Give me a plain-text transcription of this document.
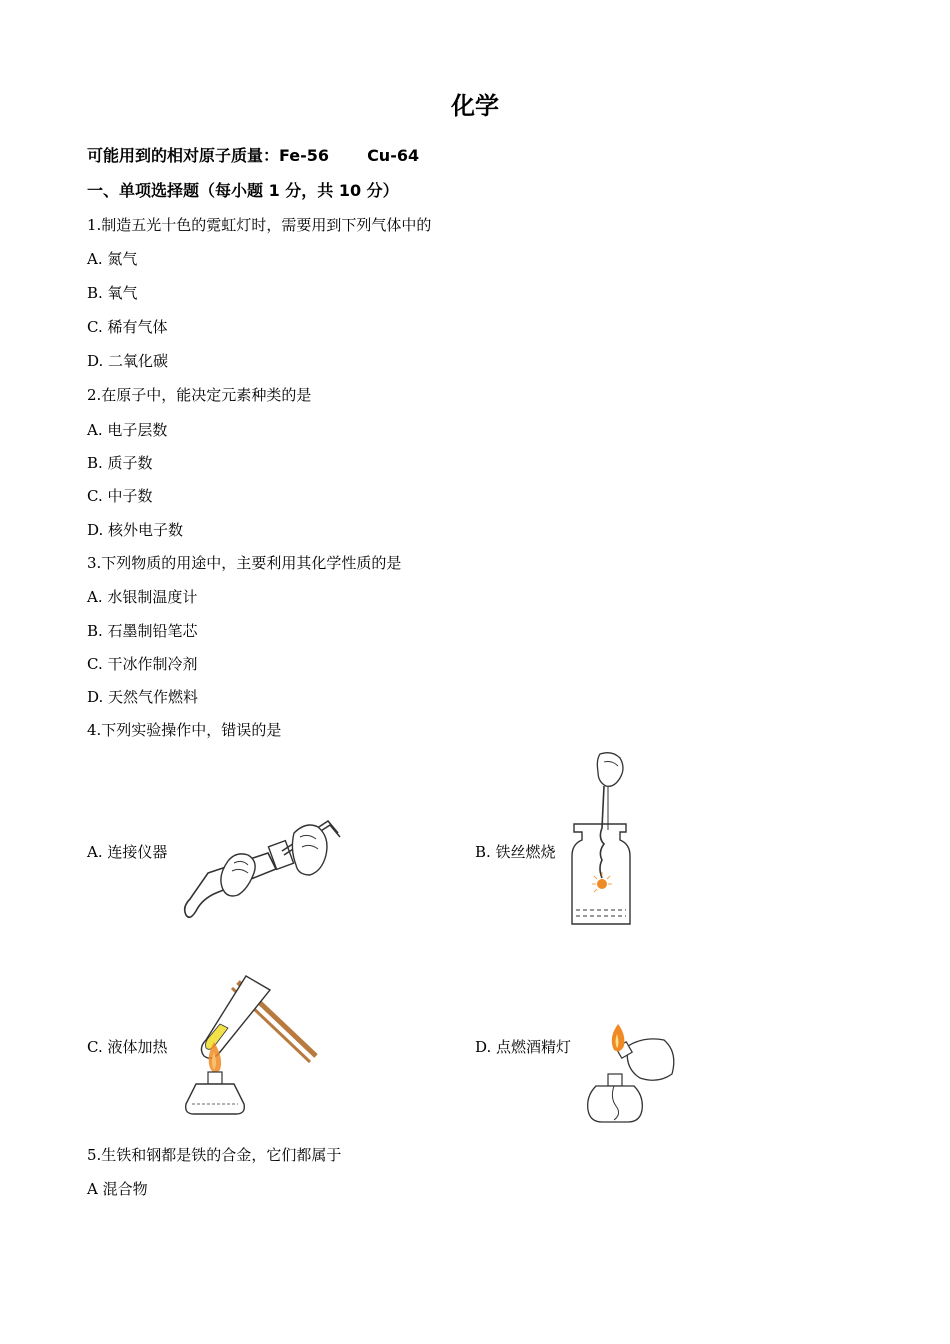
化学
可能用到的相对原子质量：Fe-56 Cu-64
一、单项选择题（每小题 1 分，共 10 分）
1.制造五光十色的霓虹灯时，需要用到下列气体中的
A. 氮气
B. 氧气
C. 稀有气体
D. 二氧化碳
2.在原子中，能决定元素种类的是
A. 电子层数
B. 质子数
C. 中子数
D. 核外电子数
3.下列物质的用途中，主要利用其化学性质的是
A. 水银制温度计
B. 石墨制铅笔芯
C. 干冰作制冷剂
D. 天然气作燃料
4.下列实验操作中，错误的是
A. 连接仪器	B. 铁丝燃烧
C. 液体加热	D. 点燃酒精灯
5.生铁和钢都是铁的合金，它们都属于
A 混合物
